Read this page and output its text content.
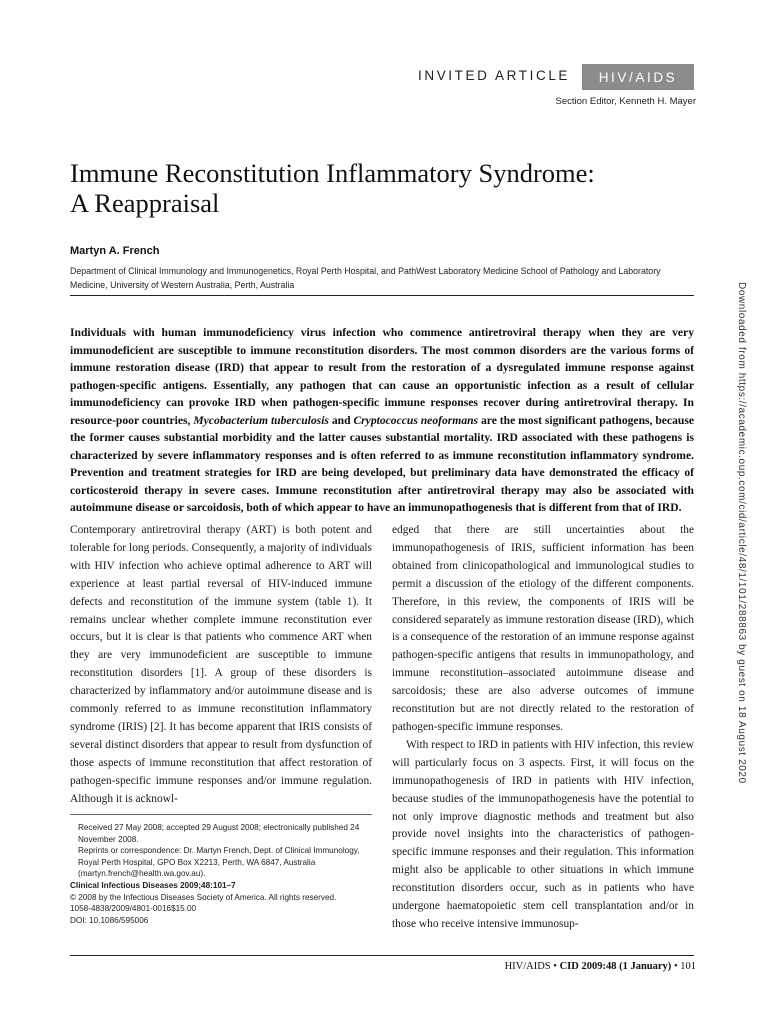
INVITED ARTICLE	HIV/AIDS
Section Editor, Kenneth H. Mayer
Immune Reconstitution Inflammatory Syndrome:
A Reappraisal
Martyn A. French
Department of Clinical Immunology and Immunogenetics, Royal Perth Hospital, and PathWest Laboratory Medicine School of Pathology and Laboratory Medicine, University of Western Australia, Perth, Australia

Individuals with human immunodeficiency virus infection who commence antiretroviral therapy when they are very immunodeficient are susceptible to immune reconstitution disorders. The most common disorders are the various forms of immune restoration disease (IRD) that appear to result from the restoration of a dysregulated immune response against pathogen-specific antigens. Essentially, any pathogen that can cause an opportunistic infection as a result of cellular immunodeficiency can provoke IRD when pathogen-specific immune responses recover during antiretroviral therapy. In resource-poor countries, Mycobacterium tuberculosis and Cryptococcus neoformans are the most significant pathogens, because the former causes substantial morbidity and the latter causes substantial mortality. IRD associated with these pathogens is characterized by severe inflammatory responses and is often referred to as immune reconstitution inflammatory syndrome. Prevention and treatment strategies for IRD are being developed, but preliminary data have demonstrated the efficacy of corticosteroid therapy in severe cases. Immune reconstitution after antiretroviral therapy may also be associated with autoimmune disease or sarcoidosis, both of which appear to have an immunopathogenesis that is different from that of IRD.

Contemporary antiretroviral therapy (ART) is both potent and tolerable for long periods. Consequently, a majority of individuals with HIV infection who achieve optimal adherence to ART will experience at least partial reversal of HIV-induced immune defects and reconstitution of the immune system (table 1). It remains unclear whether complete immune reconstitution ever occurs, but it is clear is that patients who commence ART when they are very immunodeficient are susceptible to immune reconstitution disorders [1]. A group of these disorders is characterized by inflammatory and/or autoimmune disease and is commonly referred to as immune reconstitution inflammatory syndrome (IRIS) [2]. It has become apparent that IRIS consists of several distinct disorders that appear to result from dysfunction of those aspects of immune reconstitution that affect restoration of pathogen-specific immune responses and/or immune regulation. Although it is acknowl-

edged that there are still uncertainties about the immunopathogenesis of IRIS, sufficient information has been obtained from clinicopathological and immunological studies to permit a discussion of the etiology of the different components. Therefore, in this review, the components of IRIS will be considered separately as immune restoration disease (IRD), which is a consequence of the restoration of an immune response against pathogen-specific antigens that results in immunopathology, and immune reconstitution–associated autoimmune disease and sarcoidosis; these are also adverse outcomes of immune reconstitution but are not directly related to the restoration of pathogen-specific immune responses.

With respect to IRD in patients with HIV infection, this review will particularly focus on 3 aspects. First, it will focus on the immunopathogenesis of IRD in patients with HIV infection, because studies of the immunopathogenesis have the potential to not only improve diagnostic methods and treatment but also provide novel insights into the characteristics of pathogen-specific immune responses and their regulation. This information might also be applicable to other situations in which immune reconstitution disorders occur, such as in patients who have undergone haematopoietic stem cell transplantation and/or in those who receive intensive immunosup-

Received 27 May 2008; accepted 29 August 2008; electronically published 24 November 2008.
Reprints or correspondence: Dr. Martyn French, Dept. of Clinical Immunology, Royal Perth Hospital, GPO Box X2213, Perth, WA 6847, Australia (martyn.french@health.wa.gov.au).
Clinical Infectious Diseases 2009;48:101–7
© 2008 by the Infectious Diseases Society of America. All rights reserved.
1058-4838/2009/4801-0016$15.00
DOI: 10.1086/595006
HIV/AIDS • CID 2009:48 (1 January) • 101
Downloaded from https://academic.oup.com/cid/article/48/1/101/288863 by guest on 18 August 2020
